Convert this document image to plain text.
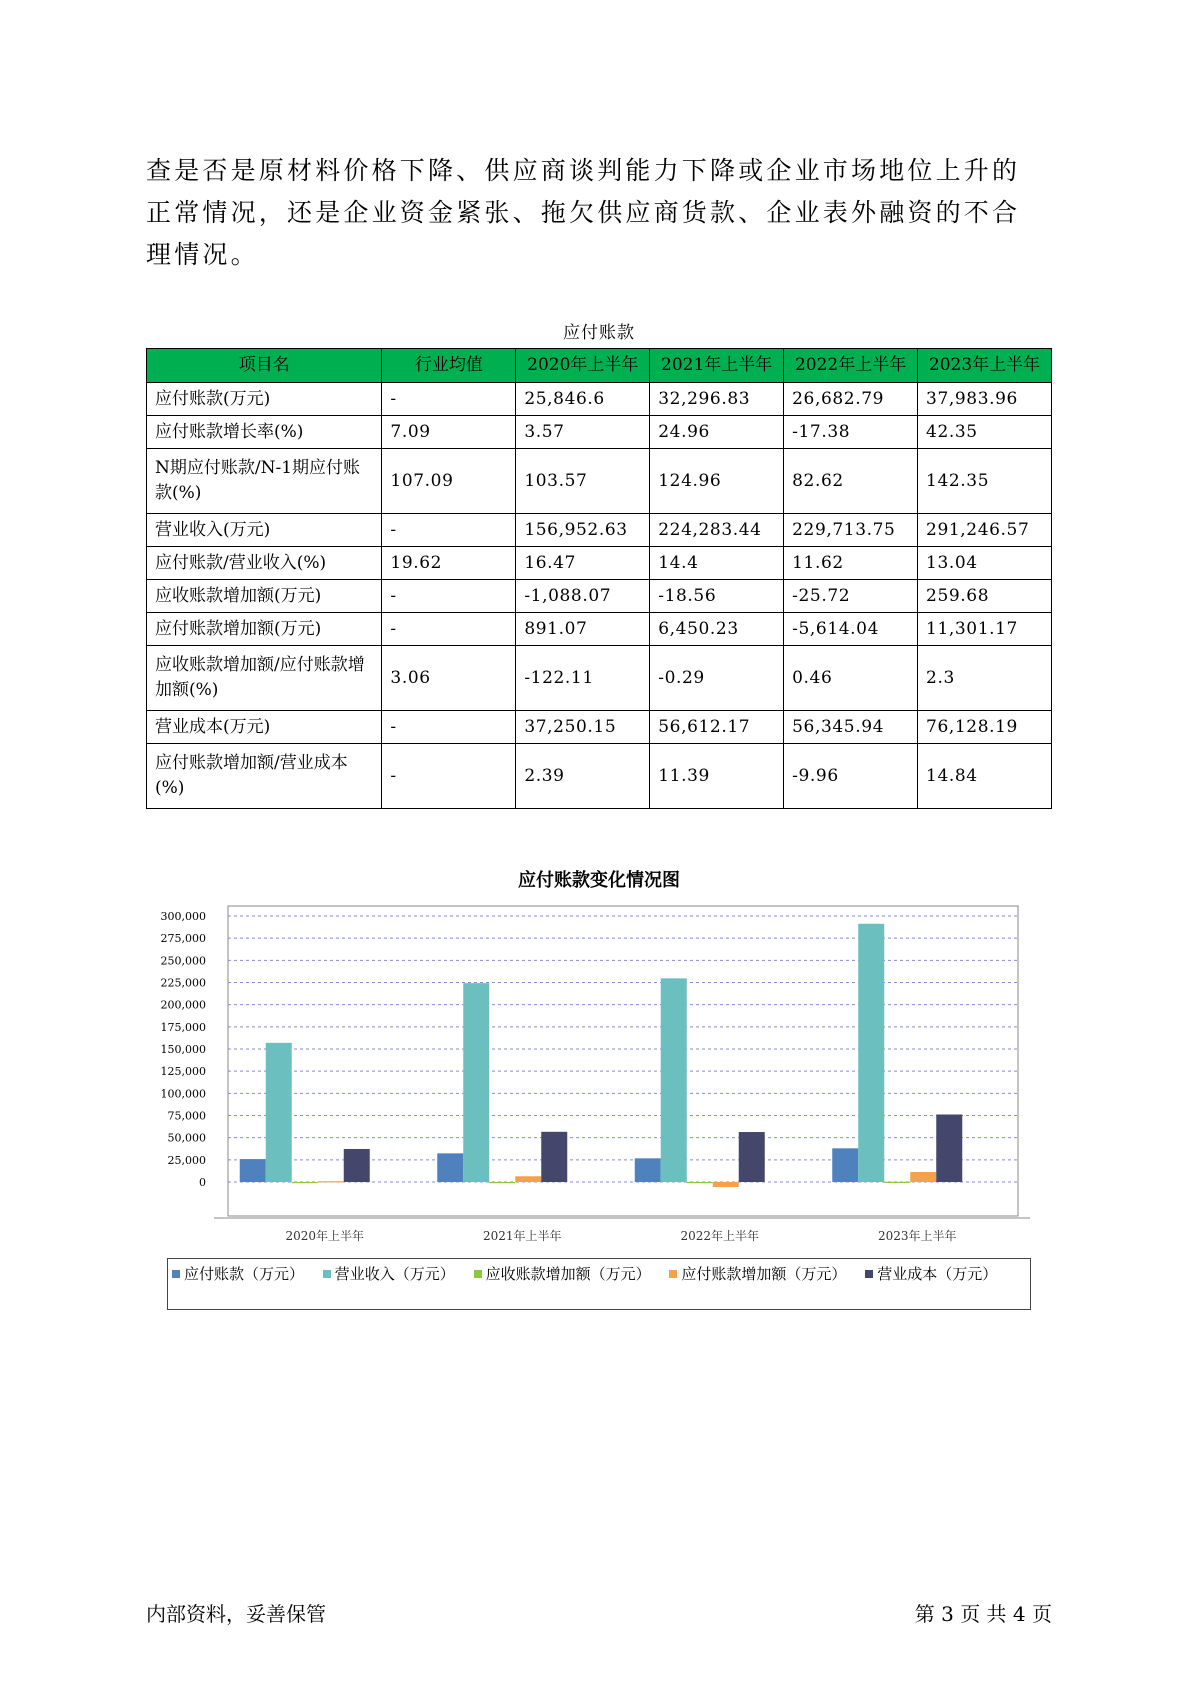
查是否是原材料价格下降、供应商谈判能力下降或企业市场地位上升的正常情况，还是企业资金紧张、拖欠供应商货款、企业表外融资的不合理情况。

应付账款
项目名	行业均值	2020年上半年	2021年上半年	2022年上半年	2023年上半年
应付账款(万元)	-	25,846.6	32,296.83	26,682.79	37,983.96
应付账款增长率(%)	7.09	3.57	24.96	-17.38	42.35
N期应付账款/N-1期应付账款(%)	107.09	103.57	124.96	82.62	142.35
营业收入(万元)	-	156,952.63	224,283.44	229,713.75	291,246.57
应付账款/营业收入(%)	19.62	16.47	14.4	11.62	13.04
应收账款增加额(万元)	-	-1,088.07	-18.56	-25.72	259.68
应付账款增加额(万元)	-	891.07	6,450.23	-5,614.04	11,301.17
应收账款增加额/应付账款增加额(%)	3.06	-122.11	-0.29	0.46	2.3
营业成本(万元)	-	37,250.15	56,612.17	56,345.94	76,128.19
应付账款增加额/营业成本(%)	-	2.39	11.39	-9.96	14.84
应付账款变化情况图
0
25,000
50,000
75,000
100,000
125,000
150,000
175,000
200,000
225,000
250,000
275,000
300,000
2020年上半年	2021年上半年	2022年上半年	2023年上半年
应付账款（万元） 营业收入（万元） 应收账款增加额（万元） 应付账款增加额（万元） 营业成本（万元）
内部资料，妥善保管	第 3 页 共 4 页
